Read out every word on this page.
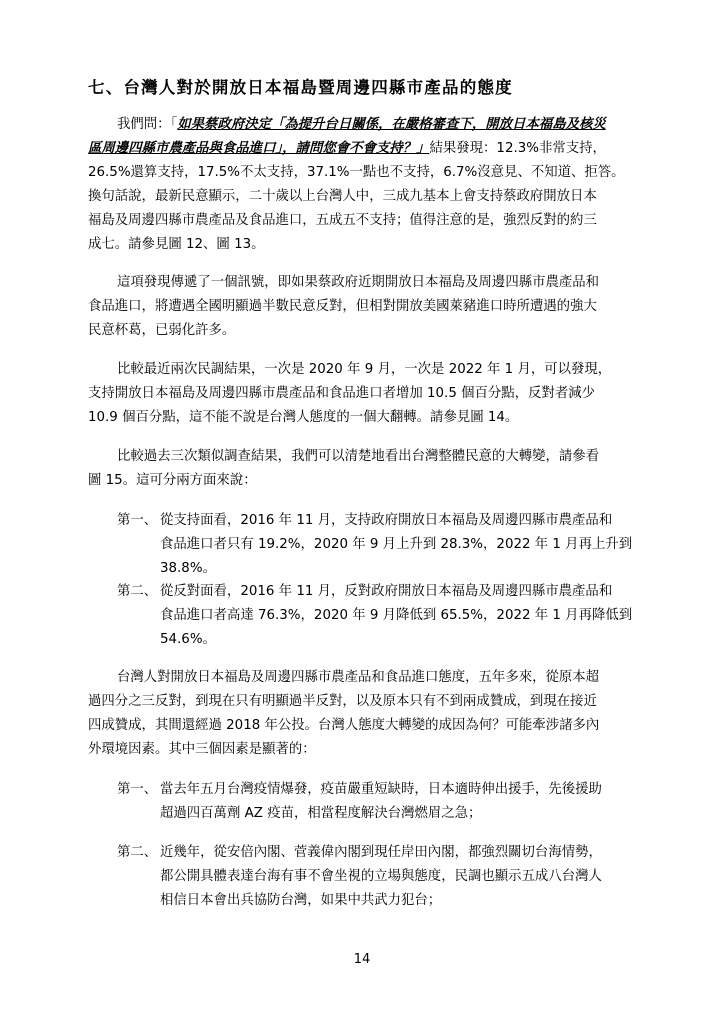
七、台灣人對於開放日本福島暨周邊四縣市產品的態度
我們問：「如果蔡政府決定「為提升台日關係，在嚴格審查下，開放日本福島及核災
區周邊四縣市農產品與食品進口」，請問您會不會支持？」結果發現：12.3%非常支持，
26.5%還算支持，17.5%不太支持，37.1%一點也不支持，6.7%沒意見、不知道、拒答。
換句話說，最新民意顯示，二十歲以上台灣人中，三成九基本上會支持蔡政府開放日本
福島及周邊四縣市農產品及食品進口，五成五不支持；值得注意的是，強烈反對的約三
成七。請參見圖 12、圖 13。
這項發現傳遞了一個訊號，即如果蔡政府近期開放日本福島及周邊四縣市農產品和
食品進口，將遭遇全國明顯過半數民意反對，但相對開放美國萊豬進口時所遭遇的強大
民意杯葛，已弱化許多。
比較最近兩次民調結果，一次是 2020 年 9 月，一次是 2022 年 1 月，可以發現，
支持開放日本福島及周邊四縣市農產品和食品進口者增加 10.5 個百分點，反對者減少
10.9 個百分點，這不能不說是台灣人態度的一個大翻轉。請參見圖 14。
比較過去三次類似調查結果，我們可以清楚地看出台灣整體民意的大轉變，請參看
圖 15。這可分兩方面來說：
第一、 從支持面看，2016 年 11 月，支持政府開放日本福島及周邊四縣市農產品和
食品進口者只有 19.2%，2020 年 9 月上升到 28.3%，2022 年 1 月再上升到
38.8%。
第二、 從反對面看，2016 年 11 月，反對政府開放日本福島及周邊四縣市農產品和
食品進口者高達 76.3%，2020 年 9 月降低到 65.5%，2022 年 1 月再降低到
54.6%。
台灣人對開放日本福島及周邊四縣市農產品和食品進口態度，五年多來，從原本超
過四分之三反對，到現在只有明顯過半反對，以及原本只有不到兩成贊成，到現在接近
四成贊成，其間還經過 2018 年公投。台灣人態度大轉變的成因為何？可能牽涉諸多內
外環境因素。其中三個因素是顯著的：
第一、 當去年五月台灣疫情爆發，疫苗嚴重短缺時，日本適時伸出援手，先後援助
超過四百萬劑 AZ 疫苗，相當程度解決台灣燃眉之急；
第二、 近幾年，從安倍內閣、菅義偉內閣到現任岸田內閣，都強烈關切台海情勢，
都公開具體表達台海有事不會坐視的立場與態度，民調也顯示五成八台灣人
相信日本會出兵協防台灣，如果中共武力犯台；
14
